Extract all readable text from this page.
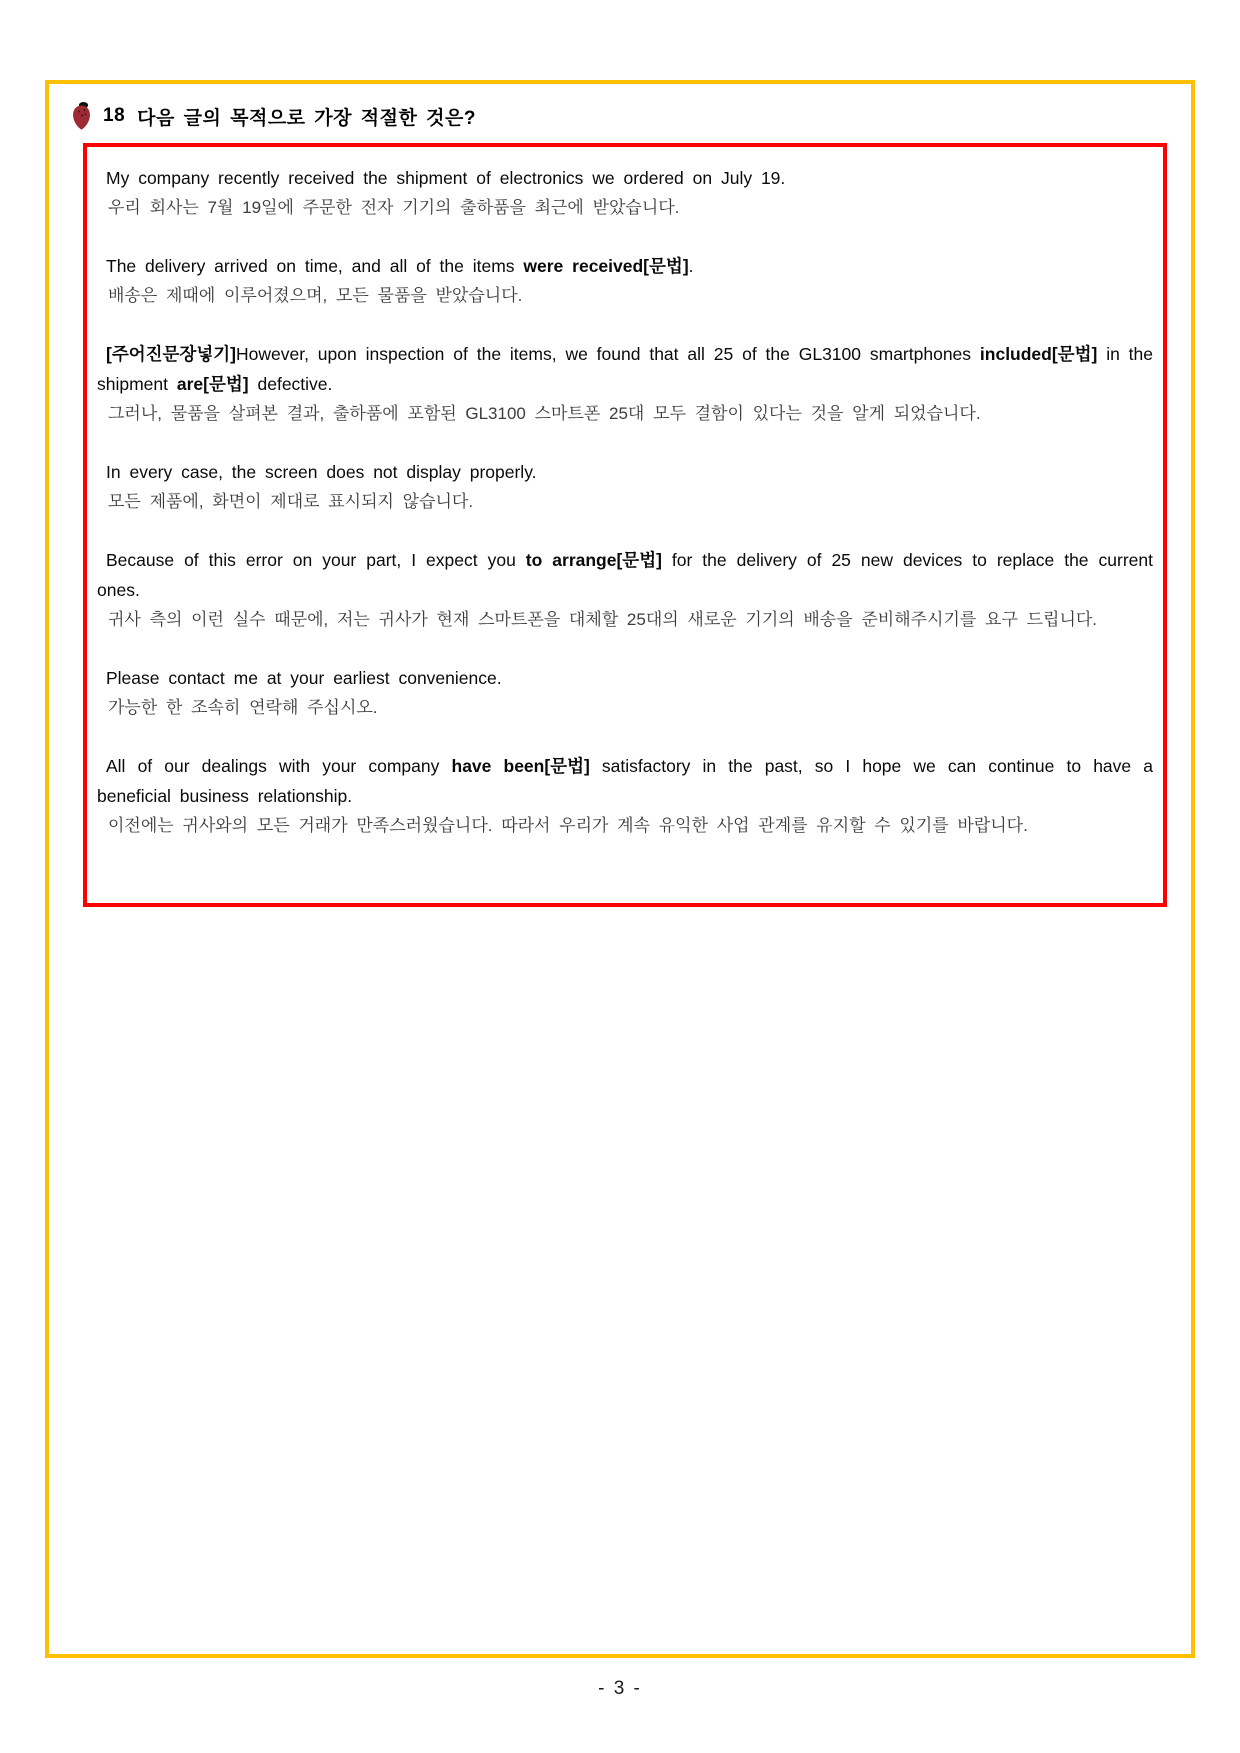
18 다음 글의 목적으로 가장 적절한 것은?
My company recently received the shipment of electronics we ordered on July 19.
우리 회사는 7월 19일에 주문한 전자 기기의 출하품을 최근에 받았습니다.
The delivery arrived on time, and all of the items were received[문법].
배송은 제때에 이루어졌으며, 모든 물품을 받았습니다.
[주어진문장넣기]However, upon inspection of the items, we found that all 25 of the GL3100 smartphones included[문법] in the shipment are[문법] defective.
그러나, 물품을 살펴본 결과, 출하품에 포함된 GL3100 스마트폰 25대 모두 결함이 있다는 것을 알게 되었습니다.
In every case, the screen does not display properly.
모든 제품에, 화면이 제대로 표시되지 않습니다.
Because of this error on your part, I expect you to arrange[문법] for the delivery of 25 new devices to replace the current ones.
귀사 측의 이런 실수 때문에, 저는 귀사가 현재 스마트폰을 대체할 25대의 새로운 기기의 배송을 준비해주시기를 요구 드립니다.
Please contact me at your earliest convenience.
가능한 한 조속히 연락해 주십시오.
All of our dealings with your company have been[문법] satisfactory in the past, so I hope we can continue to have a beneficial business relationship.
이전에는 귀사와의 모든 거래가 만족스러웠습니다. 따라서 우리가 계속 유익한 사업 관계를 유지할 수 있기를 바랍니다.
- 3 -
